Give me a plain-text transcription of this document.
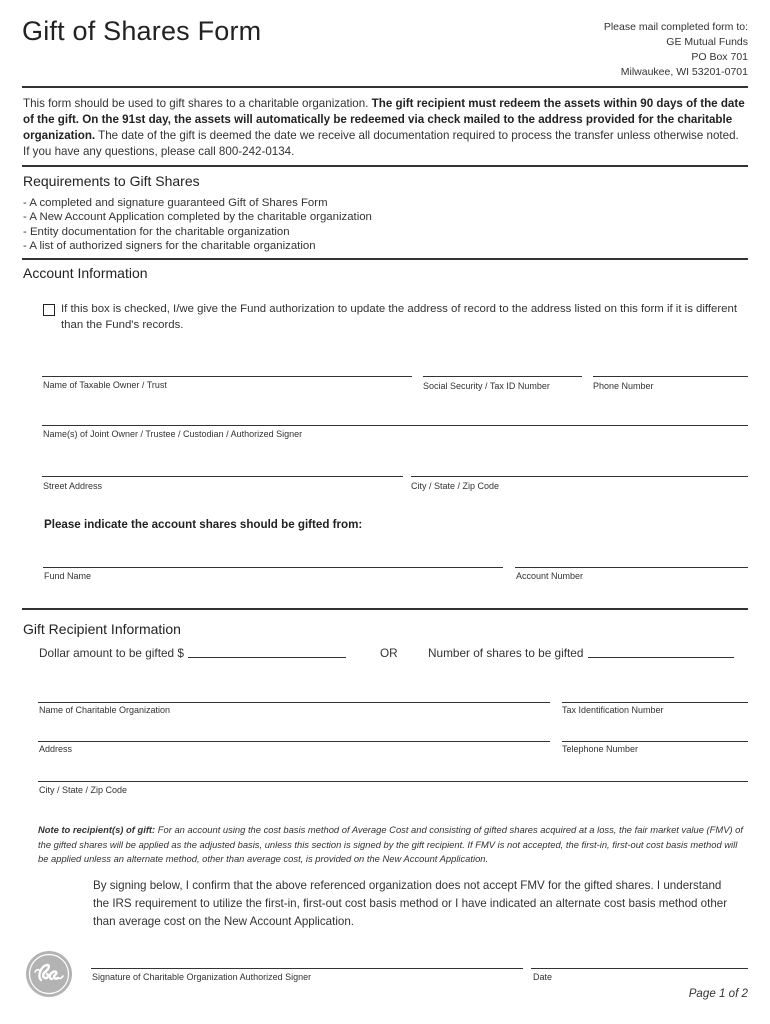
Gift of Shares Form	Please mail completed form to:
GE Mutual Funds
PO Box 701
Milwaukee, WI 53201-0701
This form should be used to gift shares to a charitable organization. The gift recipient must redeem the assets within 90 days of the date of the gift. On the 91st day, the assets will automatically be redeemed via check mailed to the address provided for the charitable organization. The date of the gift is deemed the date we receive all documentation required to process the transfer unless otherwise noted. If you have any questions, please call 800-242-0134.
Requirements to Gift Shares
- A completed and signature guaranteed Gift of Shares Form
- A New Account Application completed by the charitable organization
- Entity documentation for the charitable organization
- A list of authorized signers for the charitable organization
Account Information
If this box is checked, I/we give the Fund authorization to update the address of record to the address listed on this form if it is different than the Fund's records.
Name of Taxable Owner / Trust	Social Security / Tax ID Number	Phone Number
Name(s) of Joint Owner / Trustee / Custodian / Authorized Signer
Street Address	City / State / Zip Code
Please indicate the account shares should be gifted from:
Fund Name	Account Number
Gift Recipient Information
Dollar amount to be gifted $	OR	Number of shares to be gifted
Name of Charitable Organization	Tax Identification Number
Address	Telephone Number
City / State / Zip Code
Note to recipient(s) of gift: For an account using the cost basis method of Average Cost and consisting of gifted shares acquired at a loss, the fair market value (FMV) of the gifted shares will be applied as the adjusted basis, unless this section is signed by the gift recipient. If FMV is not accepted, the first-in, first-out cost basis method will be applied unless an alternate method, other than average cost, is provided on the New Account Application.
By signing below, I confirm that the above referenced organization does not accept FMV for the gifted shares. I understand the IRS requirement to utilize the first-in, first-out cost basis method or I have indicated an alternate cost basis method other than average cost on the New Account Application.
Signature of Charitable Organization Authorized Signer	Date
Page 1 of 2
